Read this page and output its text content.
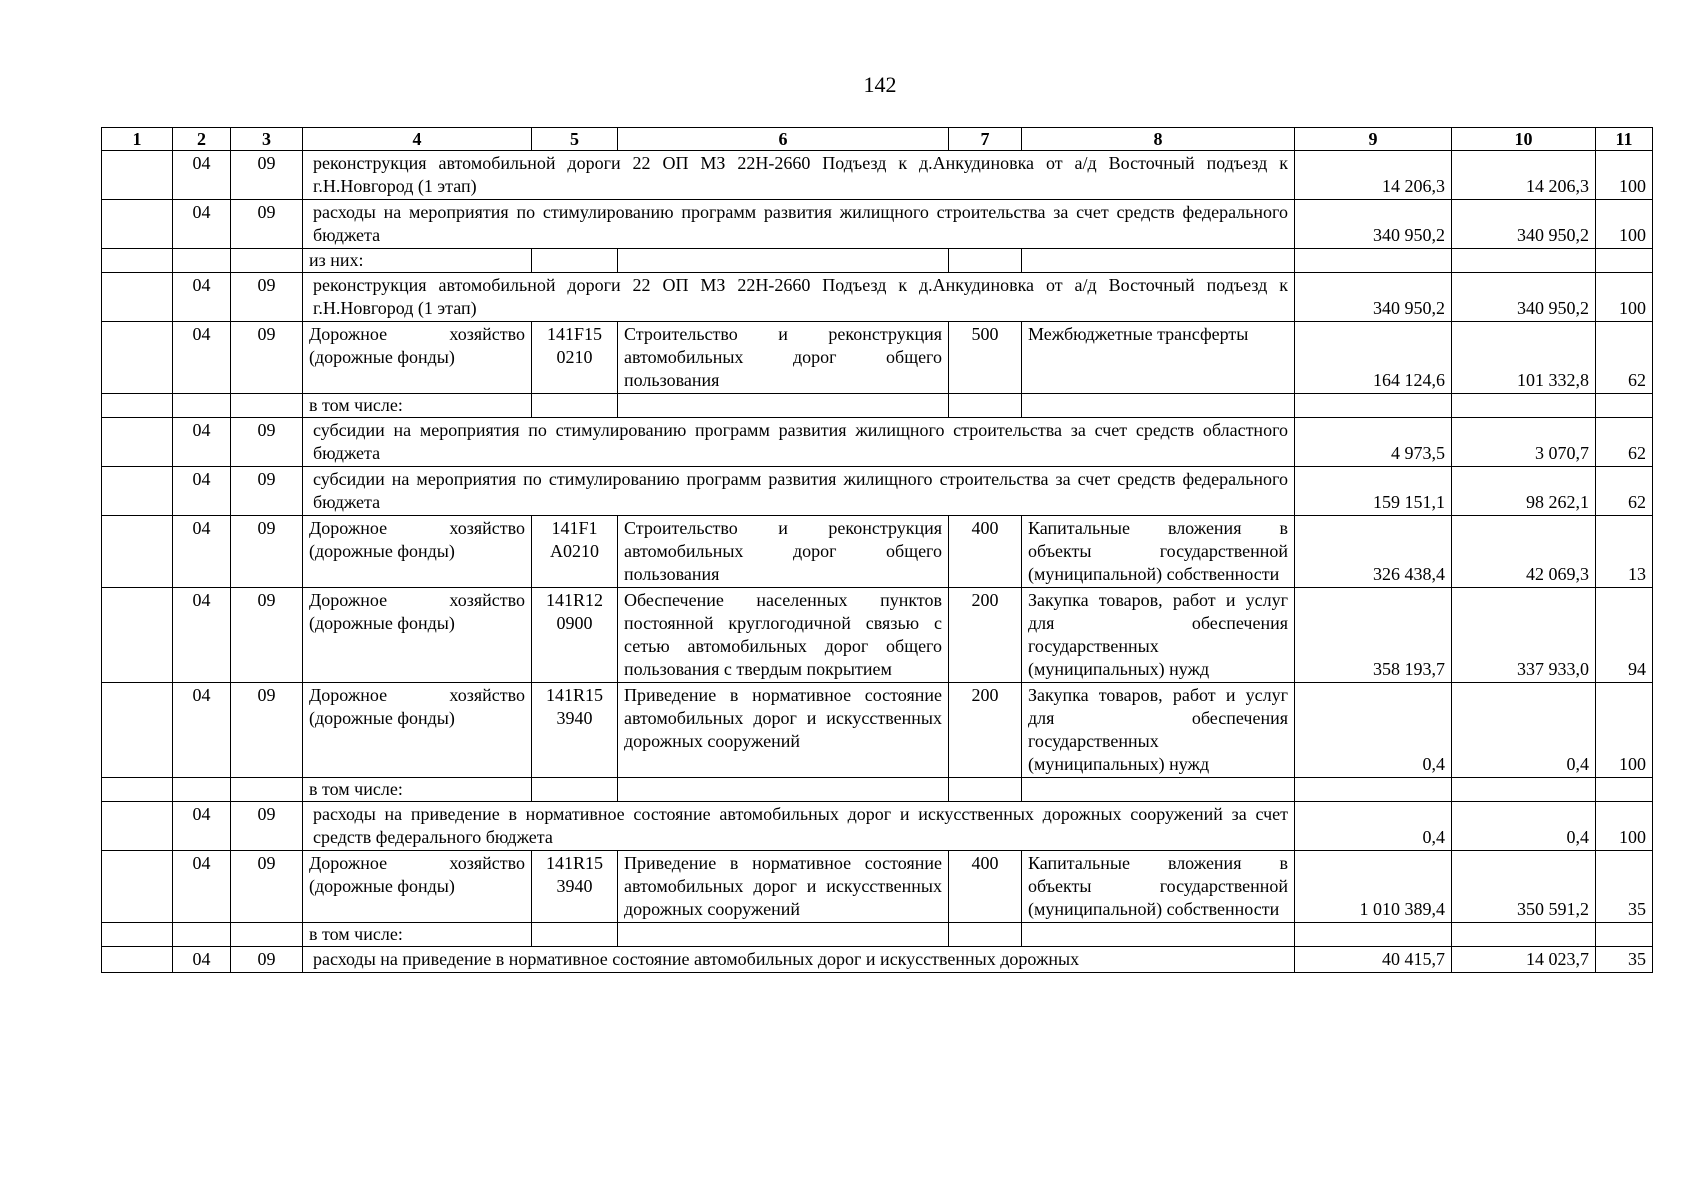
142
1	2	3	4	5	6	7	8	9	10	11
	04	09	реконструкция автомобильной дороги 22 ОП МЗ 22Н-2660 Подъезд к д.Анкудиновка от а/д Восточный подъезд к г.Н.Новгород (1 этап)					14 206,3	14 206,3	100
	04	09	расходы на мероприятия по стимулированию программ развития жилищного строительства за счет средств федерального бюджета					340 950,2	340 950,2	100
			из них:							
	04	09	реконструкция автомобильной дороги 22 ОП МЗ 22Н-2660 Подъезд к д.Анкудиновка от а/д Восточный подъезд к г.Н.Новгород (1 этап)					340 950,2	340 950,2	100
	04	09	Дорожное хозяйство (дорожные фонды)	141F15 0210	Строительство и реконструкция автомобильных дорог общего пользования	500	Межбюджетные трансферты	164 124,6	101 332,8	62
			в том числе:							
	04	09	субсидии на мероприятия по стимулированию программ развития жилищного строительства за счет средств областного бюджета					4 973,5	3 070,7	62
	04	09	субсидии на мероприятия по стимулированию программ развития жилищного строительства за счет средств федерального бюджета					159 151,1	98 262,1	62
	04	09	Дорожное хозяйство (дорожные фонды)	141F1 А0210	Строительство и реконструкция автомобильных дорог общего пользования	400	Капитальные вложения в объекты государственной (муниципальной) собственности	326 438,4	42 069,3	13
	04	09	Дорожное хозяйство (дорожные фонды)	141R12 0900	Обеспечение населенных пунктов постоянной круглогодичной связью с сетью автомобильных дорог общего пользования с твердым покрытием	200	Закупка товаров, работ и услуг для обеспечения государственных (муниципальных) нужд	358 193,7	337 933,0	94
	04	09	Дорожное хозяйство (дорожные фонды)	141R15 3940	Приведение в нормативное состояние автомобильных дорог и искусственных дорожных сооружений	200	Закупка товаров, работ и услуг для обеспечения государственных (муниципальных) нужд	0,4	0,4	100
			в том числе:							
	04	09	расходы на приведение в нормативное состояние автомобильных дорог и искусственных дорожных сооружений за счет средств федерального бюджета					0,4	0,4	100
	04	09	Дорожное хозяйство (дорожные фонды)	141R15 3940	Приведение в нормативное состояние автомобильных дорог и искусственных дорожных сооружений	400	Капитальные вложения в объекты государственной (муниципальной) собственности	1 010 389,4	350 591,2	35
			в том числе:							
	04	09	расходы на приведение в нормативное состояние автомобильных дорог и искусственных дорожных					40 415,7	14 023,7	35
